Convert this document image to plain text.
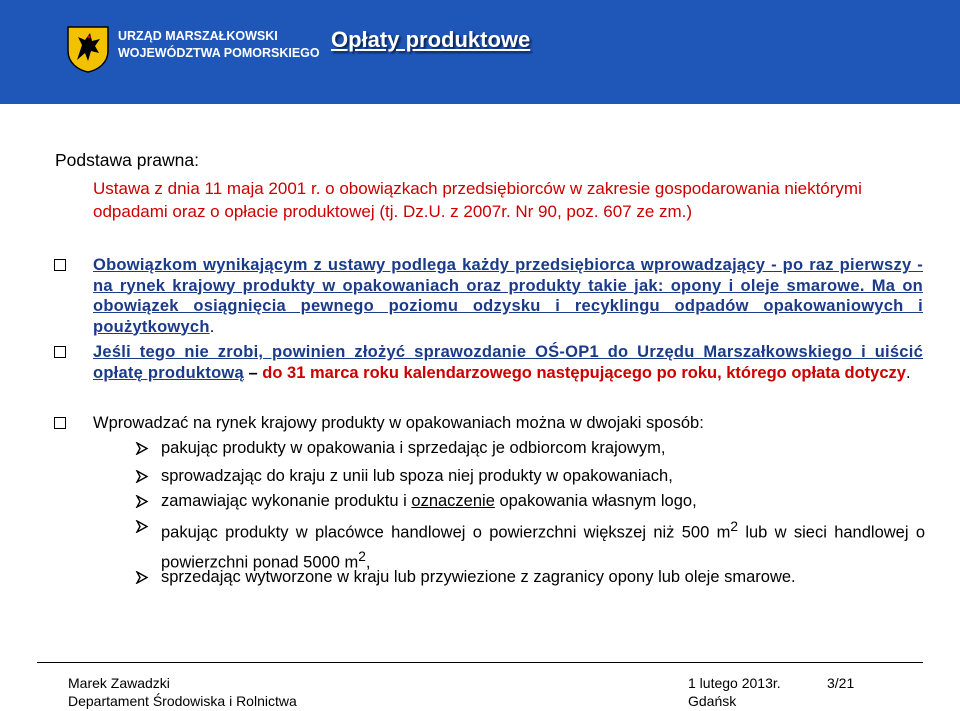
URZĄD MARSZAŁKOWSKI
WOJEWÓDZTWA POMORSKIEGO
Opłaty produktowe
Podstawa prawna:
Ustawa z dnia 11 maja 2001 r. o obowiązkach przedsiębiorców w zakresie gospodarowania niektórymi odpadami oraz o opłacie produktowej (tj. Dz.U. z 2007r. Nr 90, poz. 607 ze zm.)
Obowiązkom wynikającym z ustawy podlega każdy przedsiębiorca wprowadzający - po raz pierwszy - na rynek krajowy produkty w opakowaniach oraz produkty takie jak: opony i oleje smarowe. Ma on obowiązek osiągnięcia pewnego poziomu odzysku i recyklingu odpadów opakowaniowych i poużytkowych.
Jeśli tego nie zrobi, powinien złożyć sprawozdanie OŚ-OP1 do Urzędu Marszałkowskiego i uiścić opłatę produktową – do 31 marca roku kalendarzowego następującego po roku, którego opłata dotyczy.
Wprowadzać na rynek krajowy produkty w opakowaniach można w dwojaki sposób:
pakując produkty w opakowania i sprzedając je odbiorcom krajowym,
sprowadzając do kraju z unii lub spoza niej produkty w opakowaniach,
zamawiając wykonanie produktu i oznaczenie opakowania własnym logo,
pakując produkty w placówce handlowej o powierzchni większej niż 500 $m^2$ lub w sieci handlowej o powierzchni ponad 5000 $m^2$,
sprzedając wytworzone w kraju lub przywiezione z zagranicy opony lub oleje smarowe.
Marek Zawadzki
Departament Środowiska i Rolnictwa
1 lutego 2013r.
Gdańsk
3/21
